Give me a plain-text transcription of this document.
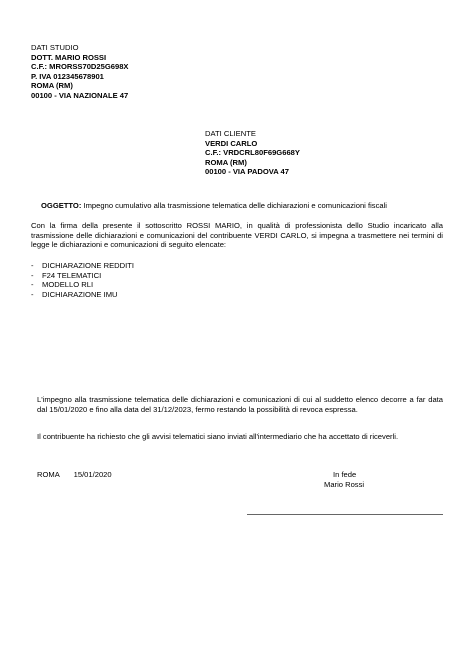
DATI STUDIO
DOTT. MARIO ROSSI
C.F.: MRORSS70D25G698X
P. IVA 012345678901
ROMA (RM)
00100 - VIA NAZIONALE 47
DATI CLIENTE
VERDI CARLO
C.F.: VRDCRL80F69G668Y
ROMA (RM)
00100 - VIA PADOVA 47
OGGETTO: Impegno cumulativo alla trasmissione telematica delle dichiarazioni e comunicazioni fiscali
Con la firma della presente il sottoscritto ROSSI MARIO, in qualità di professionista dello Studio incaricato alla trasmissione delle dichiarazioni e comunicazioni del contribuente VERDI CARLO, si impegna a trasmettere nei termini di legge le dichiarazioni e comunicazioni di seguito elencate:
- DICHIARAZIONE REDDITI
- F24 TELEMATICI
- MODELLO RLI
- DICHIARAZIONE IMU
L'impegno alla trasmissione telematica delle dichiarazioni e comunicazioni di cui al suddetto elenco decorre a far data dal 15/01/2020 e fino alla data del 31/12/2023, fermo restando la possibilità di revoca espressa.
Il contribuente ha richiesto che gli avvisi telematici siano inviati all'intermediario che ha accettato di riceverli.
ROMA 15/01/2020	In fede
Mario Rossi
